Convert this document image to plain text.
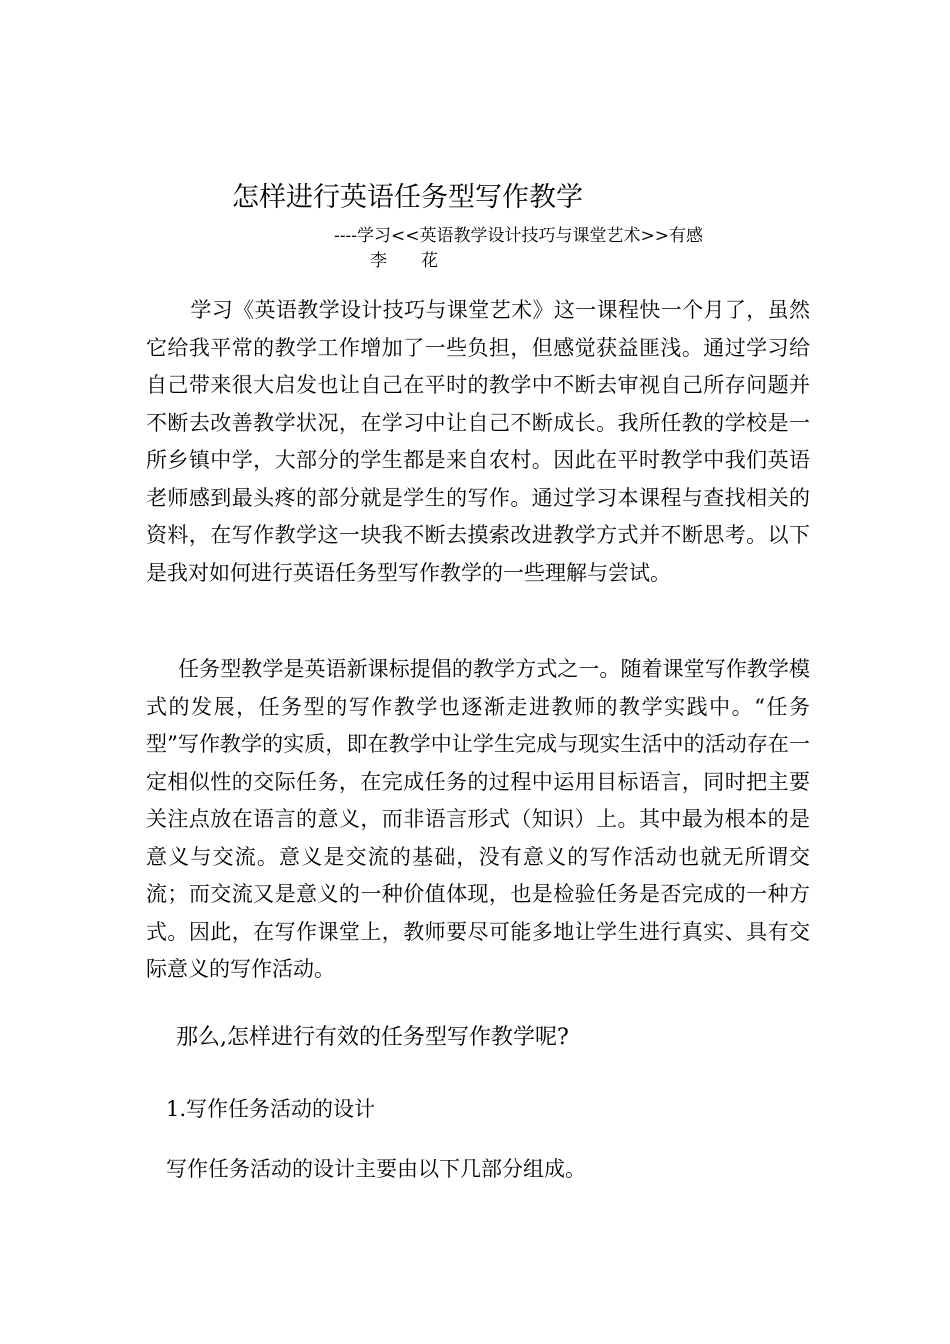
怎样进行英语任务型写作教学
----学习<<英语教学设计技巧与课堂艺术>>有感
李　　花

学习《英语教学设计技巧与课堂艺术》这一课程快一个月了，虽然它给我平常的教学工作增加了一些负担，但感觉获益匪浅。通过学习给自己带来很大启发也让自己在平时的教学中不断去审视自己所存问题并不断去改善教学状况，在学习中让自己不断成长。我所任教的学校是一所乡镇中学，大部分的学生都是来自农村。因此在平时教学中我们英语老师感到最头疼的部分就是学生的写作。通过学习本课程与查找相关的资料，在写作教学这一块我不断去摸索改进教学方式并不断思考。以下是我对如何进行英语任务型写作教学的一些理解与尝试。

任务型教学是英语新课标提倡的教学方式之一。随着课堂写作教学模式的发展，任务型的写作教学也逐渐走进教师的教学实践中。“任务型”写作教学的实质，即在教学中让学生完成与现实生活中的活动存在一定相似性的交际任务，在完成任务的过程中运用目标语言，同时把主要关注点放在语言的意义，而非语言形式（知识）上。其中最为根本的是意义与交流。意义是交流的基础，没有意义的写作活动也就无所谓交流；而交流又是意义的一种价值体现，也是检验任务是否完成的一种方式。因此，在写作课堂上，教师要尽可能多地让学生进行真实、具有交际意义的写作活动。

那么,怎样进行有效的任务型写作教学呢?
1.写作任务活动的设计
写作任务活动的设计主要由以下几部分组成。
